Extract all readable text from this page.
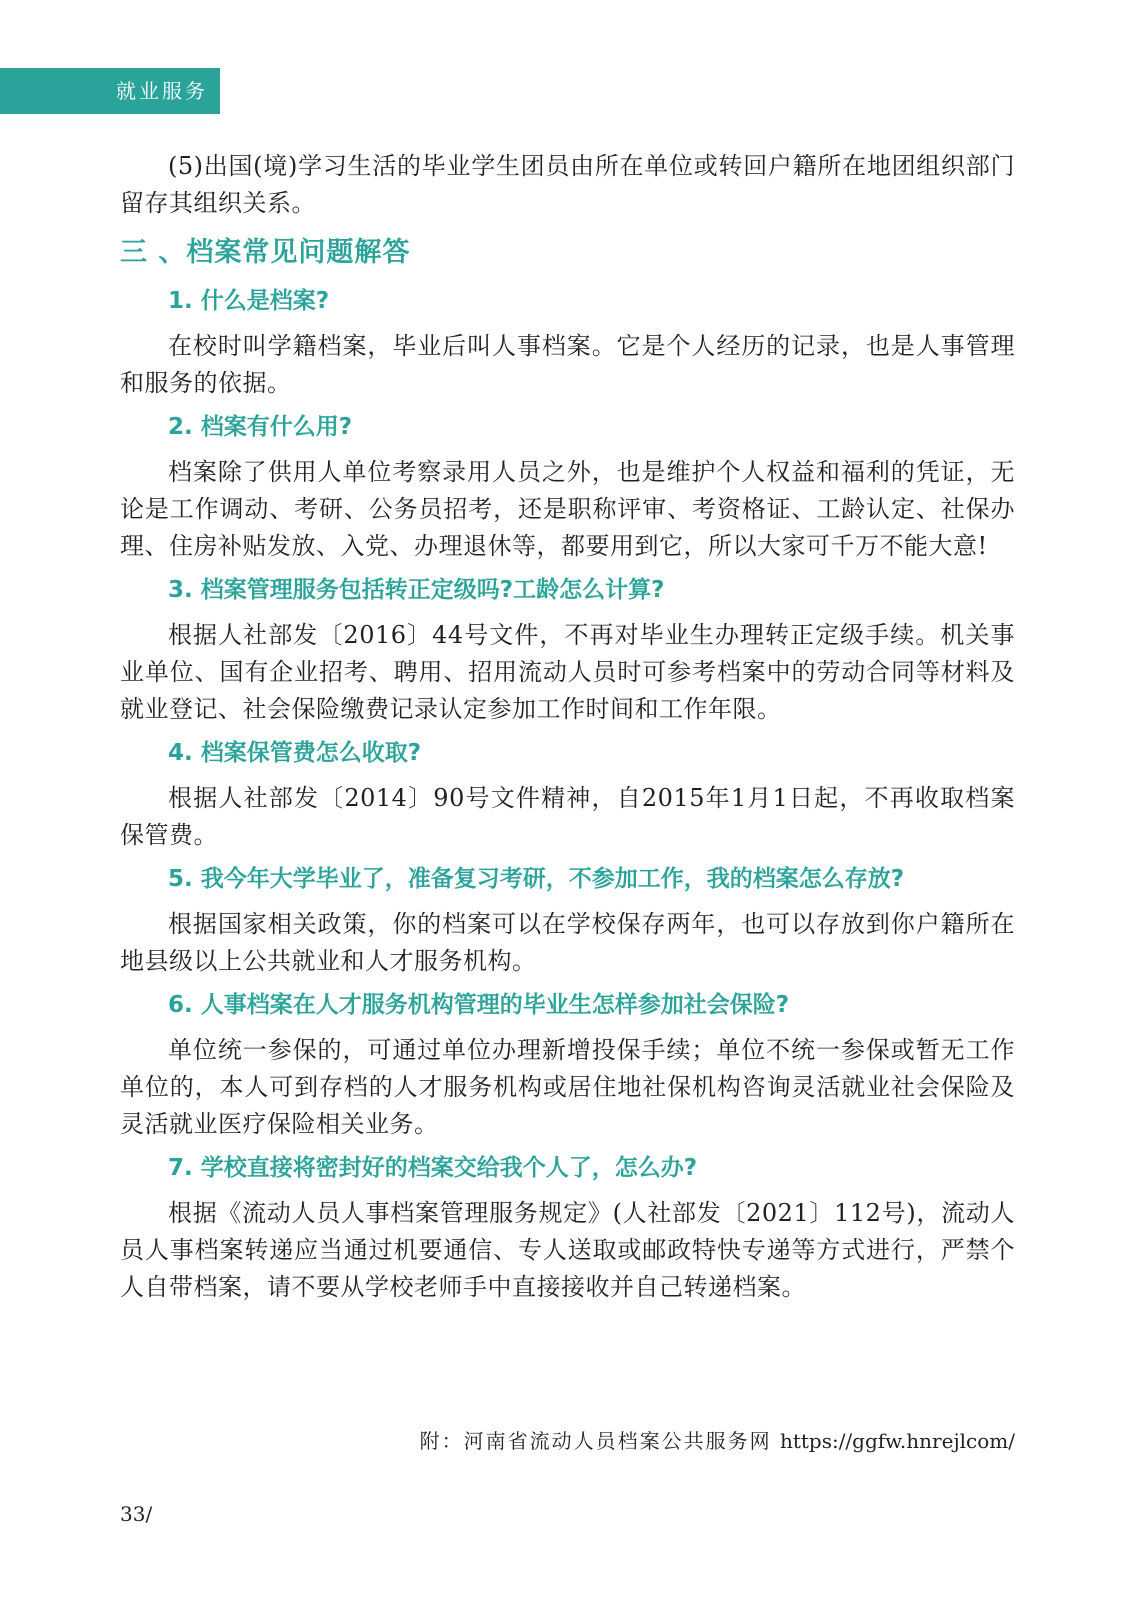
就业服务

(5)出国(境)学习生活的毕业学生团员由所在单位或转回户籍所在地团组织部门留存其组织关系。

三 、档案常见问题解答
1. 什么是档案?

在校时叫学籍档案，毕业后叫人事档案。它是个人经历的记录，也是人事管理和服务的依据。

2. 档案有什么用?

档案除了供用人单位考察录用人员之外，也是维护个人权益和福利的凭证，无论是工作调动、考研、公务员招考，还是职称评审、考资格证、工龄认定、社保办理、住房补贴发放、入党、办理退休等，都要用到它，所以大家可千万不能大意!

3. 档案管理服务包括转正定级吗?工龄怎么计算?

根据人社部发〔2016〕44号文件，不再对毕业生办理转正定级手续。机关事业单位、国有企业招考、聘用、招用流动人员时可参考档案中的劳动合同等材料及就业登记、社会保险缴费记录认定参加工作时间和工作年限。

4. 档案保管费怎么收取?

根据人社部发〔2014〕90号文件精神，自2015年1月1日起，不再收取档案保管费。

5. 我今年大学毕业了，准备复习考研，不参加工作，我的档案怎么存放?

根据国家相关政策，你的档案可以在学校保存两年，也可以存放到你户籍所在地县级以上公共就业和人才服务机构。

6. 人事档案在人才服务机构管理的毕业生怎样参加社会保险?

单位统一参保的，可通过单位办理新增投保手续；单位不统一参保或暂无工作单位的，本人可到存档的人才服务机构或居住地社保机构咨询灵活就业社会保险及灵活就业医疗保险相关业务。

7. 学校直接将密封好的档案交给我个人了，怎么办?

根据《流动人员人事档案管理服务规定》(人社部发〔2021〕112号)，流动人员人事档案转递应当通过机要通信、专人送取或邮政特快专递等方式进行，严禁个人自带档案，请不要从学校老师手中直接接收并自己转递档案。

附：河南省流动人员档案公共服务网 https://ggfw.hnrejlcom/
33/
